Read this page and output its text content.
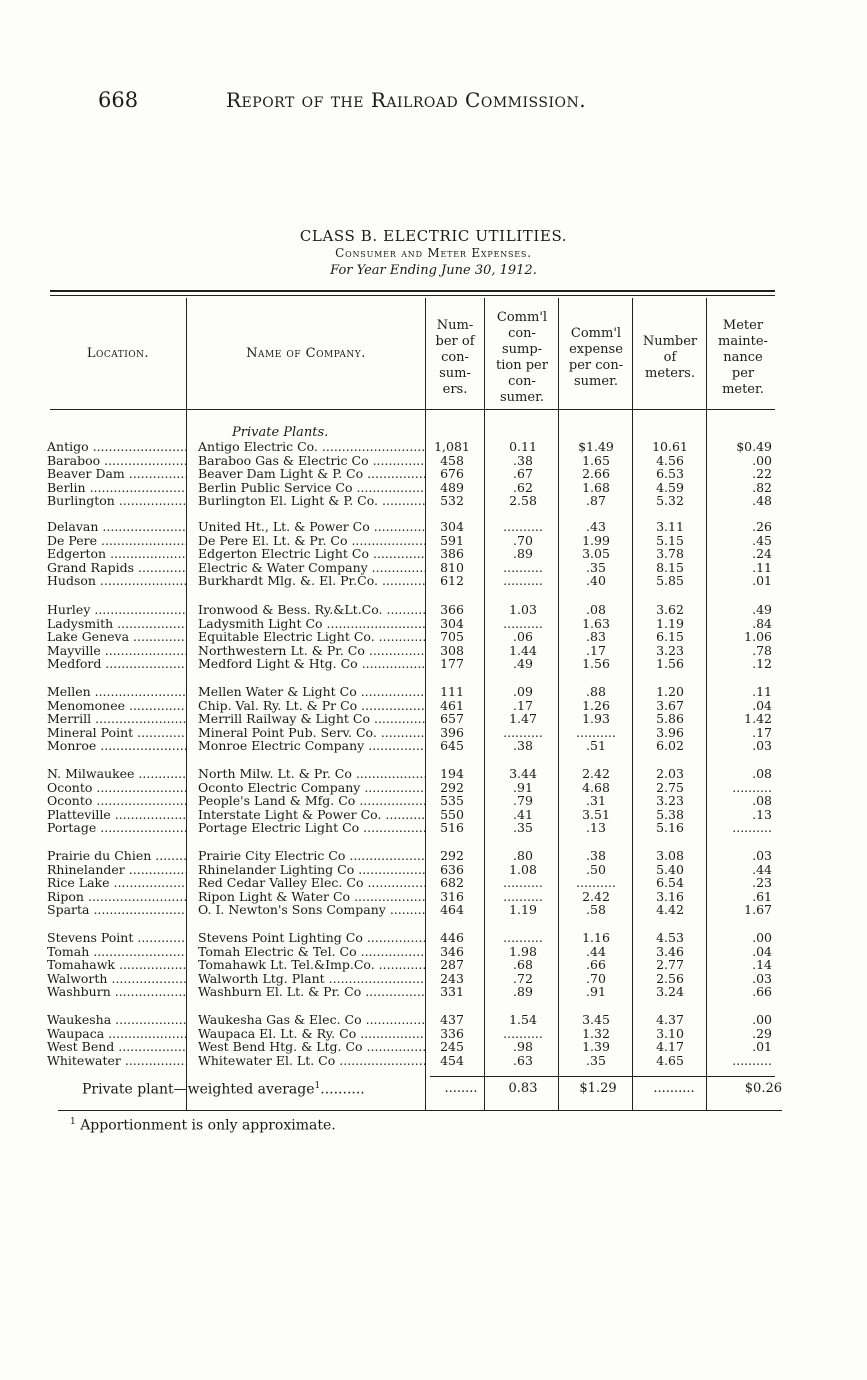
668	Report of the Railroad Commission.
CLASS B. ELECTRIC UTILITIES.
Consumer and Meter Expenses.
For Year Ending June 30, 1912.
Location.	Name of Company.
Num-
ber of
con-
sum-
ers.
Comm'l
con-
sump-
tion per
con-
sumer.
Comm'l
expense
per con-
sumer.
Number
of
meters.
Meter
mainte-
nance
per
meter.
Private Plants.
Antigo .....	Antigo Electric Co. .....	1,081	0.11	$1.49	10.61	$0.49
Baraboo .....	Baraboo Gas & Electric Co .....	458	.38	1.65	4.56	.00
Beaver Dam .....	Beaver Dam Light & P. Co .....	676	.67	2.66	6.53	.22
Berlin .....	Berlin Public Service Co .....	489	.62	1.68	4.59	.82
Burlington .....	Burlington El. Light & P. Co. .....	532	2.58	.87	5.32	.48
Delavan .....	United Ht., Lt. & Power Co .....	304	..........	.43	3.11	.26
De Pere .....	De Pere El. Lt. & Pr. Co .....	591	.70	1.99	5.15	.45
Edgerton .....	Edgerton Electric Light Co .....	386	.89	3.05	3.78	.24
Grand Rapids .....	Electric & Water Company .....	810	..........	.35	8.15	.11
Hudson .....	Burkhardt Mlg. &. El. Pr.Co. .....	612	..........	.40	5.85	.01
Hurley .....	Ironwood & Bess. Ry.&Lt.Co. .....	366	1.03	.08	3.62	.49
Ladysmith .....	Ladysmith Light Co .....	304	..........	1.63	1.19	.84
Lake Geneva .....	Equitable Electric Light Co. .....	705	.06	.83	6.15	1.06
Mayville .....	Northwestern Lt. & Pr. Co .....	308	1.44	.17	3.23	.78
Medford .....	Medford Light & Htg. Co .....	177	.49	1.56	1.56	.12
Mellen .....	Mellen Water & Light Co .....	111	.09	.88	1.20	.11
Menomonee .....	Chip. Val. Ry. Lt. & Pr Co .....	461	.17	1.26	3.67	.04
Merrill .....	Merrill Railway & Light Co .....	657	1.47	1.93	5.86	1.42
Mineral Point .....	Mineral Point Pub. Serv. Co. .....	396	..........	..........	3.96	.17
Monroe .....	Monroe Electric Company .....	645	.38	.51	6.02	.03
N. Milwaukee .....	North Milw. Lt. & Pr. Co .....	194	3.44	2.42	2.03	.08
Oconto .....	Oconto Electric Company .....	292	.91	4.68	2.75	..........
Oconto .....	People's Land & Mfg. Co .....	535	.79	.31	3.23	.08
Platteville .....	Interstate Light & Power Co. .....	550	.41	3.51	5.38	.13
Portage .....	Portage Electric Light Co .....	516	.35	.13	5.16	..........
Prairie du Chien .....	Prairie City Electric Co .....	292	.80	.38	3.08	.03
Rhinelander .....	Rhinelander Lighting Co .....	636	1.08	.50	5.40	.44
Rice Lake .....	Red Cedar Valley Elec. Co .....	682	..........	..........	6.54	.23
Ripon .....	Ripon Light & Water Co .....	316	..........	2.42	3.16	.61
Sparta .....	O. I. Newton's Sons Company .....	464	1.19	.58	4.42	1.67
Stevens Point .....	Stevens Point Lighting Co .....	446	..........	1.16	4.53	.00
Tomah .....	Tomah Electric & Tel. Co .....	346	1.98	.44	3.46	.04
Tomahawk .....	Tomahawk Lt. Tel.&Imp.Co. .....	287	.68	.66	2.77	.14
Walworth .....	Walworth Ltg. Plant .....	243	.72	.70	2.56	.03
Washburn .....	Washburn El. Lt. & Pr. Co .....	331	.89	.91	3.24	.66
Waukesha .....	Waukesha Gas & Elec. Co .....	437	1.54	3.45	4.37	.00
Waupaca .....	Waupaca El. Lt. & Ry. Co .....	336	..........	1.32	3.10	.29
West Bend .....	West Bend Htg. & Ltg. Co .....	245	.98	1.39	4.17	.01
Whitewater .....	Whitewater El. Lt. Co .....	454	.63	.35	4.65	..........
Private plant—weighted average$^1$..........	........	0.83	$1.29	..........	$0.26
$^1$ Apportionment is only approximate.
